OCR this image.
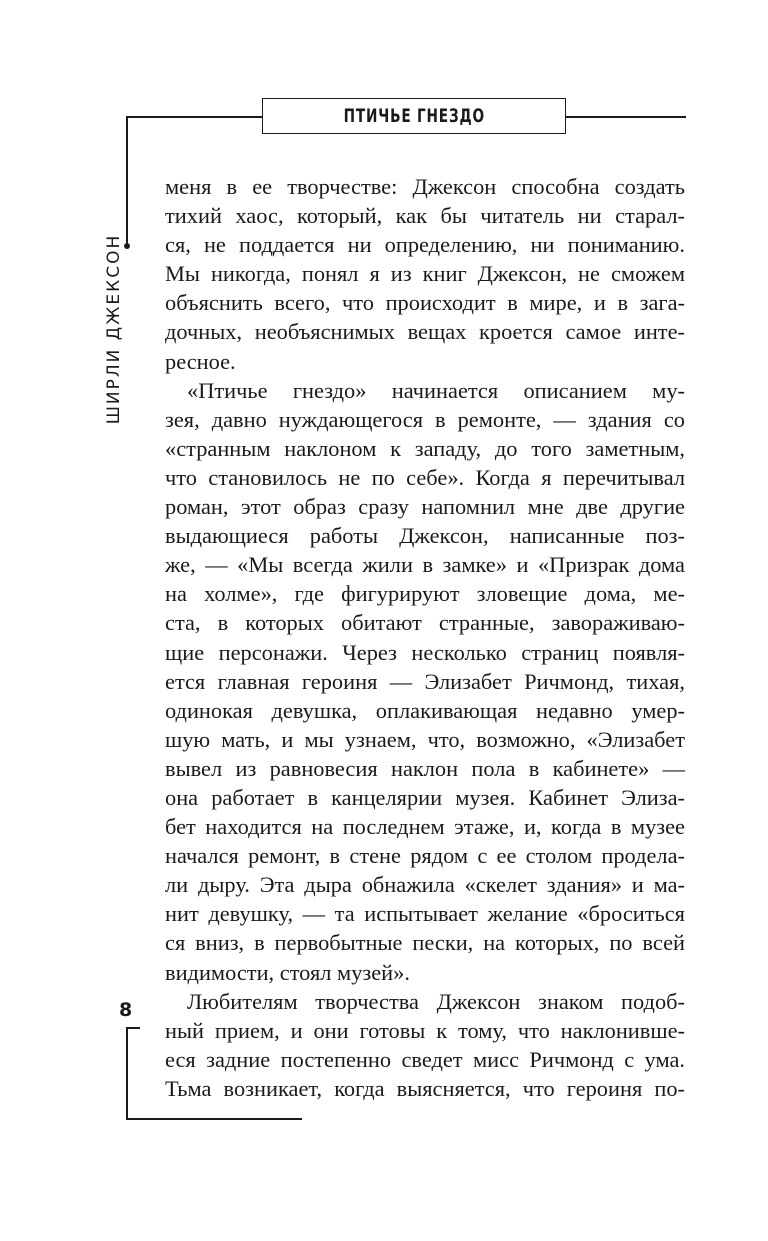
ПТИЧЬЕ ГНЕЗДО
ШИРЛИ ДЖЕКСОН
8
меня в ее творчестве: Джексон способна создать
тихий хаос, который, как бы читатель ни старал-
ся, не поддается ни определению, ни пониманию.
Мы никогда, понял я из книг Джексон, не сможем
объяснить всего, что происходит в мире, и в зага-
дочных, необъяснимых вещах кроется самое инте-
ресное.
«Птичье гнездо» начинается описанием му-
зея, давно нуждающегося в ремонте, — здания со
«странным наклоном к западу, до того заметным,
что становилось не по себе». Когда я перечитывал
роман, этот образ сразу напомнил мне две другие
выдающиеся работы Джексон, написанные поз-
же, — «Мы всегда жили в замке» и «Призрак дома
на холме», где фигурируют зловещие дома, ме-
ста, в которых обитают странные, завораживаю-
щие персонажи. Через несколько страниц появля-
ется главная героиня — Элизабет Ричмонд, тихая,
одинокая девушка, оплакивающая недавно умер-
шую мать, и мы узнаем, что, возможно, «Элизабет
вывел из равновесия наклон пола в кабинете» —
она работает в канцелярии музея. Кабинет Элиза-
бет находится на последнем этаже, и, когда в музее
начался ремонт, в стене рядом с ее столом продела-
ли дыру. Эта дыра обнажила «скелет здания» и ма-
нит девушку, — та испытывает желание «броситься
ся вниз, в первобытные пески, на которых, по всей
видимости, стоял музей».
Любителям творчества Джексон знаком подоб-
ный прием, и они готовы к тому, что наклонивше-
еся задние постепенно сведет мисс Ричмонд с ума.
Тьма возникает, когда выясняется, что героиня по-
